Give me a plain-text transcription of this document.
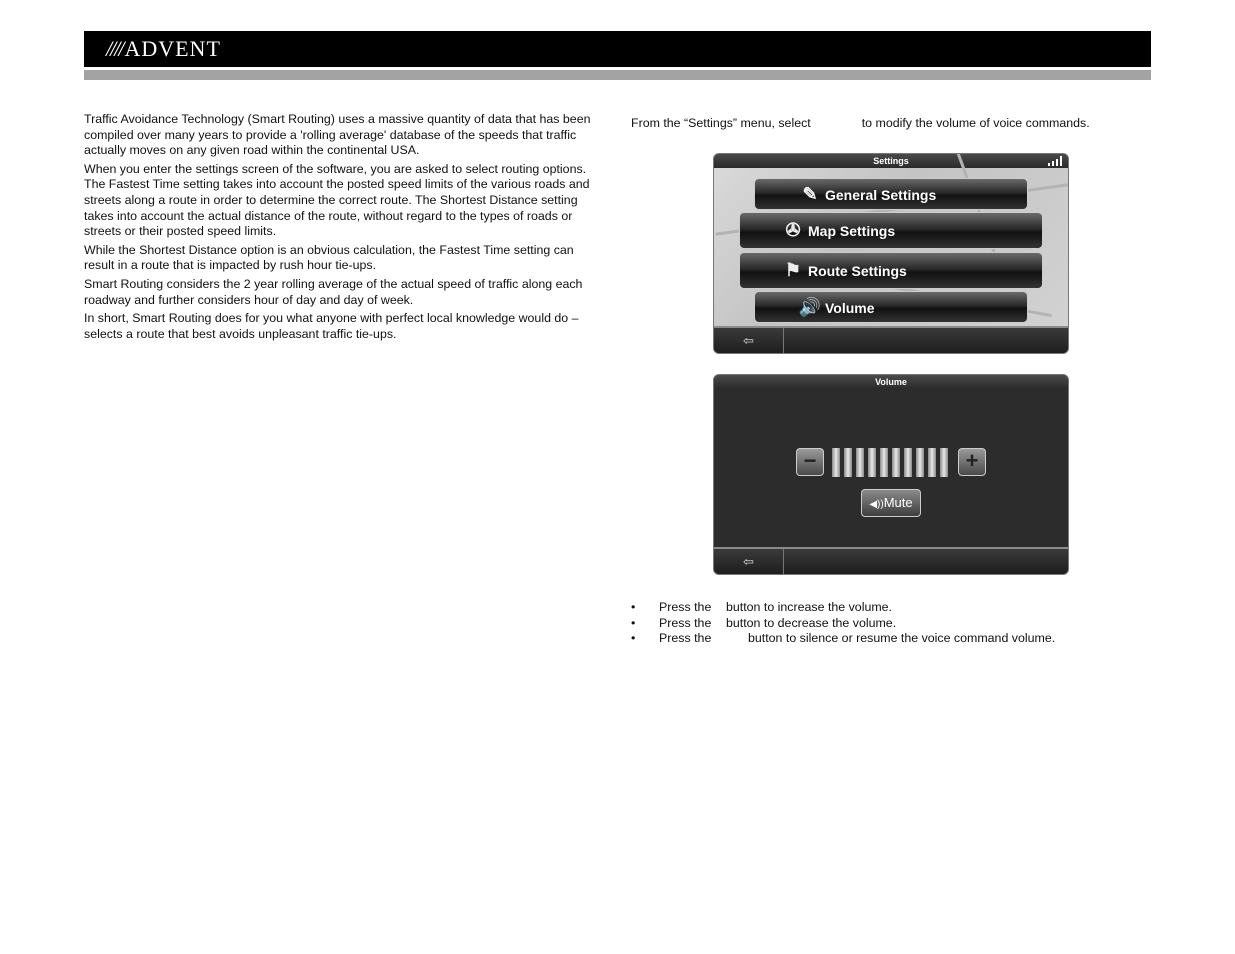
////ADVENT

Traffic Avoidance Technology (Smart Routing) uses a massive quantity of data that has been compiled over many years to provide a 'rolling average' database of the speeds that traffic actually moves on any given road within the continental USA.

When you enter the settings screen of the software, you are asked to select routing options. The Fastest Time setting takes into account the posted speed limits of the various roads and streets along a route in order to determine the correct route. The Shortest Distance setting takes into account the actual distance of the route, without regard to the types of roads or streets or their posted speed limits.

While the Shortest Distance option is an obvious calculation, the Fastest Time setting can result in a route that is impacted by rush hour tie-ups.

Smart Routing considers the 2 year rolling average of the actual speed of traffic along each roadway and further considers hour of day and day of week.

In short, Smart Routing does for you what anyone with perfect local knowledge would do – selects a route that best avoids unpleasant traffic tie-ups.

From the “Settings” menu, select	to modify the volume of voice commands.
Settings
✎ General Settings
✇ Map Settings
⚑ Route Settings
🔊 Volume
⇦
Volume
−	+
◀))Mute
⇦
• Press the button to increase the volume.
• Press the button to decrease the volume.
• Press the	button to silence or resume the voice command volume.
